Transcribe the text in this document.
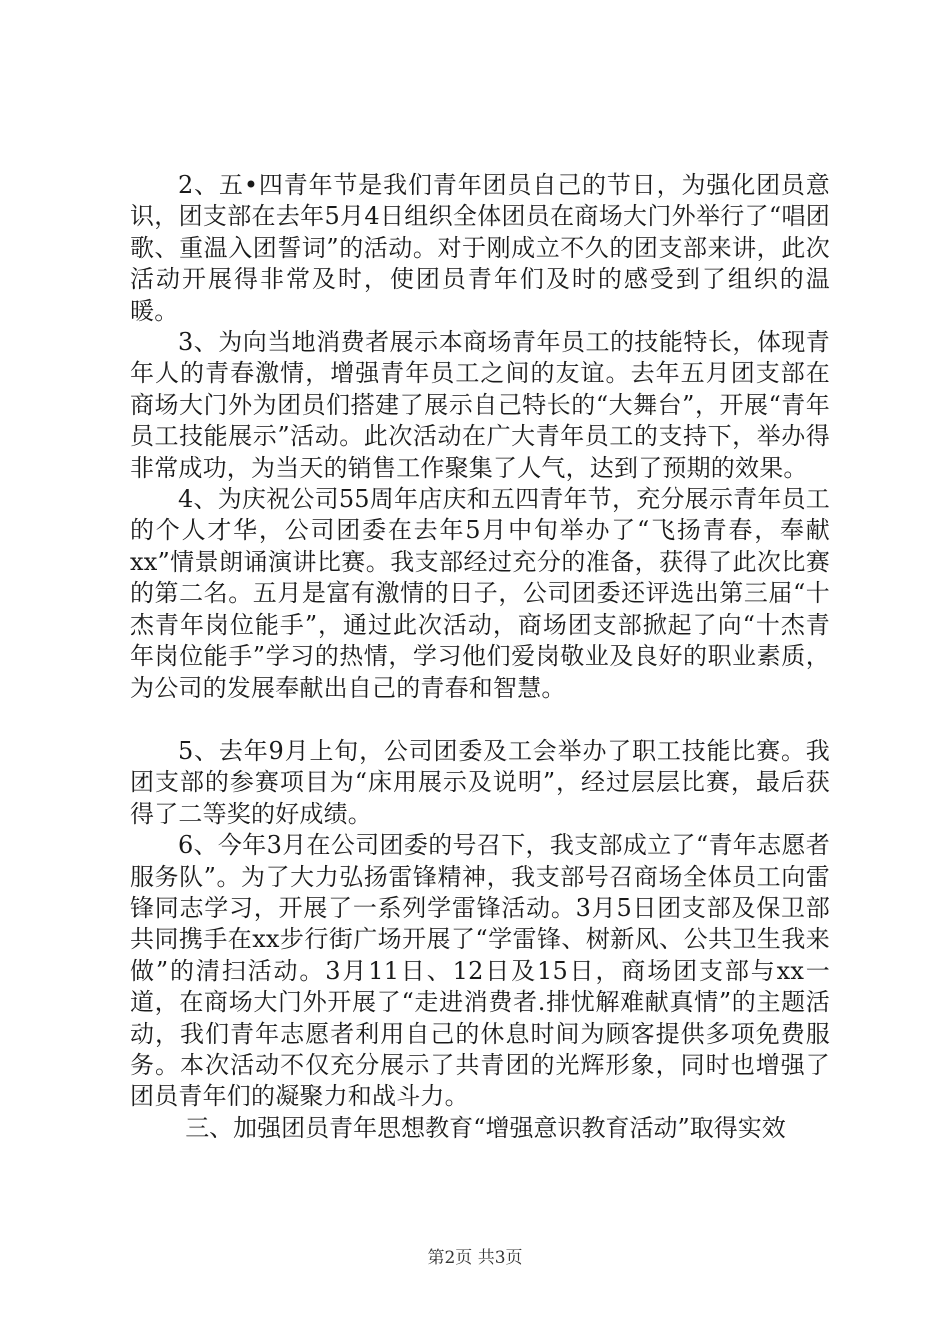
2、五•四青年节是我们青年团员自己的节日，为强化团员意识，团支部在去年5月4日组织全体团员在商场大门外举行了“唱团歌、重温入团誓词”的活动。对于刚成立不久的团支部来讲，此次活动开展得非常及时，使团员青年们及时的感受到了组织的温暖。

3、为向当地消费者展示本商场青年员工的技能特长，体现青年人的青春激情，增强青年员工之间的友谊。去年五月团支部在商场大门外为团员们搭建了展示自己特长的“大舞台”，开展“青年员工技能展示”活动。此次活动在广大青年员工的支持下，举办得非常成功，为当天的销售工作聚集了人气，达到了预期的效果。

4、为庆祝公司55周年店庆和五四青年节，充分展示青年员工的个人才华，公司团委在去年5月中旬举办了“飞扬青春，奉献xx”情景朗诵演讲比赛。我支部经过充分的准备，获得了此次比赛的第二名。五月是富有激情的日子，公司团委还评选出第三届“十杰青年岗位能手”，通过此次活动，商场团支部掀起了向“十杰青年岗位能手”学习的热情，学习他们爱岗敬业及良好的职业素质，为公司的发展奉献出自己的青春和智慧。

5、去年9月上旬，公司团委及工会举办了职工技能比赛。我团支部的参赛项目为“床用展示及说明”，经过层层比赛，最后获得了二等奖的好成绩。

6、今年3月在公司团委的号召下，我支部成立了“青年志愿者服务队”。为了大力弘扬雷锋精神，我支部号召商场全体员工向雷锋同志学习，开展了一系列学雷锋活动。3月5日团支部及保卫部共同携手在xx步行街广场开展了“学雷锋、树新风、公共卫生我来做”的清扫活动。3月11日、12日及15日，商场团支部与xx一道，在商场大门外开展了“走进消费者.排忧解难献真情”的主题活动，我们青年志愿者利用自己的休息时间为顾客提供多项免费服务。本次活动不仅充分展示了共青团的光辉形象，同时也增强了团员青年们的凝聚力和战斗力。

三、加强团员青年思想教育“增强意识教育活动”取得实效

第2页 共3页
